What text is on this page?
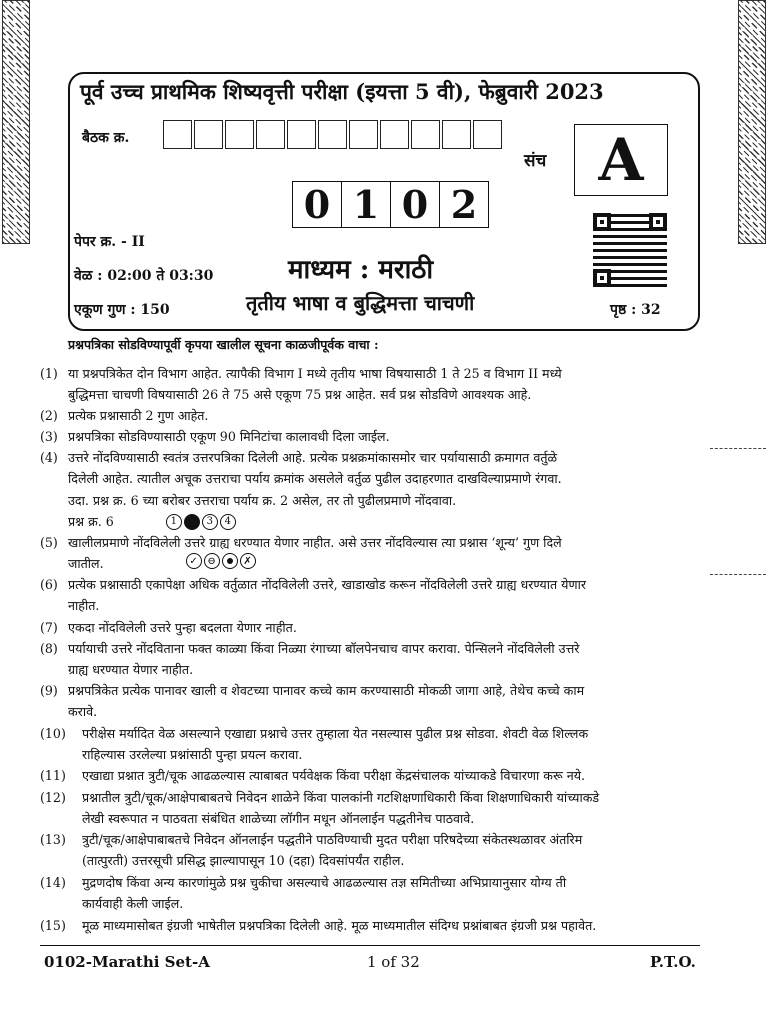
पूर्व उच्च प्राथमिक शिष्यवृत्ती परीक्षा (इयत्ता 5 वी), फेब्रुवारी 2023
बैठक क्र.
संच A
0 1 0 2
पेपर क्र. - II
वेळ : 02:00 ते 03:30
एकूण गुण : 150
माध्यम : मराठी
तृतीय भाषा व बुद्धिमत्ता चाचणी	पृष्ठ : 32
प्रश्नपत्रिका सोडविण्यापूर्वी कृपया खालील सूचना काळजीपूर्वक वाचा :
(1) या प्रश्नपत्रिकेत दोन विभाग आहेत. त्यापैकी विभाग I मध्ये तृतीय भाषा विषयासाठी 1 ते 25 व विभाग II मध्ये
बुद्धिमत्ता चाचणी विषयासाठी 26 ते 75 असे एकूण 75 प्रश्न आहेत. सर्व प्रश्न सोडविणे आवश्यक आहे.
(2) प्रत्येक प्रश्नासाठी 2 गुण आहेत.
(3) प्रश्नपत्रिका सोडविण्यासाठी एकूण 90 मिनिटांचा कालावधी दिला जाईल.
(4) उत्तरे नोंदविण्यासाठी स्वतंत्र उत्तरपत्रिका दिलेली आहे. प्रत्येक प्रश्नक्रमांकासमोर चार पर्यायासाठी क्रमागत वर्तुळे
दिलेली आहेत. त्यातील अचूक उत्तराचा पर्याय क्रमांक असलेले वर्तुळ पुढील उदाहरणात दाखविल्याप्रमाणे रंगवा.
उदा. प्रश्न क्र. 6 च्या बरोबर उत्तराचा पर्याय क्र. 2 असेल, तर तो पुढीलप्रमाणे नोंदवावा.
प्रश्न क्र. 6	1	3	4
(5) खालीलप्रमाणे नोंदविलेली उत्तरे ग्राह्य धरण्यात येणार नाहीत. असे उत्तर नोंदविल्यास त्या प्रश्नास ‘शून्य’ गुण दिले
जातील.	✓ ⊖	✗
(6) प्रत्येक प्रश्नासाठी एकापेक्षा अधिक वर्तुळात नोंदविलेली उत्तरे, खाडाखोड करून नोंदविलेली उत्तरे ग्राह्य धरण्यात येणार
नाहीत.
(7) एकदा नोंदविलेली उत्तरे पुन्हा बदलता येणार नाहीत.
(8) पर्यायाची उत्तरे नोंदविताना फक्त काळ्या किंवा निळ्या रंगाच्या बॉलपेनचाच वापर करावा. पेन्सिलने नोंदविलेली उत्तरे
ग्राह्य धरण्यात येणार नाहीत.
(9) प्रश्नपत्रिकेत प्रत्येक पानावर खाली व शेवटच्या पानावर कच्चे काम करण्यासाठी मोकळी जागा आहे, तेथेच कच्चे काम
करावे.
(10) परीक्षेस मर्यादित वेळ असल्याने एखाद्या प्रश्नाचे उत्तर तुम्हाला येत नसल्यास पुढील प्रश्न सोडवा. शेवटी वेळ शिल्लक
राहिल्यास उरलेल्या प्रश्नांसाठी पुन्हा प्रयत्न करावा.
(11) एखाद्या प्रश्नात त्रुटी/चूक आढळल्यास त्याबाबत पर्यवेक्षक किंवा परीक्षा केंद्रसंचालक यांच्याकडे विचारणा करू नये.
(12) प्रश्नातील त्रुटी/चूक/आक्षेपाबाबतचे निवेदन शाळेने किंवा पालकांनी गटशिक्षणाधिकारी किंवा शिक्षणाधिकारी यांच्याकडे
लेखी स्वरूपात न पाठवता संबंधित शाळेच्या लॉगीन मधून ऑनलाईन पद्धतीनेच पाठवावे.
(13) त्रुटी/चूक/आक्षेपाबाबतचे निवेदन ऑनलाईन पद्धतीने पाठविण्याची मुदत परीक्षा परिषदेच्या संकेतस्थळावर अंतरिम
(तात्पुरती) उत्तरसूची प्रसिद्ध झाल्यापासून 10 (दहा) दिवसांपर्यंत राहील.
(14) मुद्रणदोष किंवा अन्य कारणांमुळे प्रश्न चुकीचा असल्याचे आढळल्यास तज्ञ समितीच्या अभिप्रायानुसार योग्य ती
कार्यवाही केली जाईल.
(15) मूळ माध्यमासोबत इंग्रजी भाषेतील प्रश्नपत्रिका दिलेली आहे. मूळ माध्यमातील संदिग्ध प्रश्नांबाबत इंग्रजी प्रश्न पहावेत.
0102-Marathi Set-A	1 of 32	P.T.O.
